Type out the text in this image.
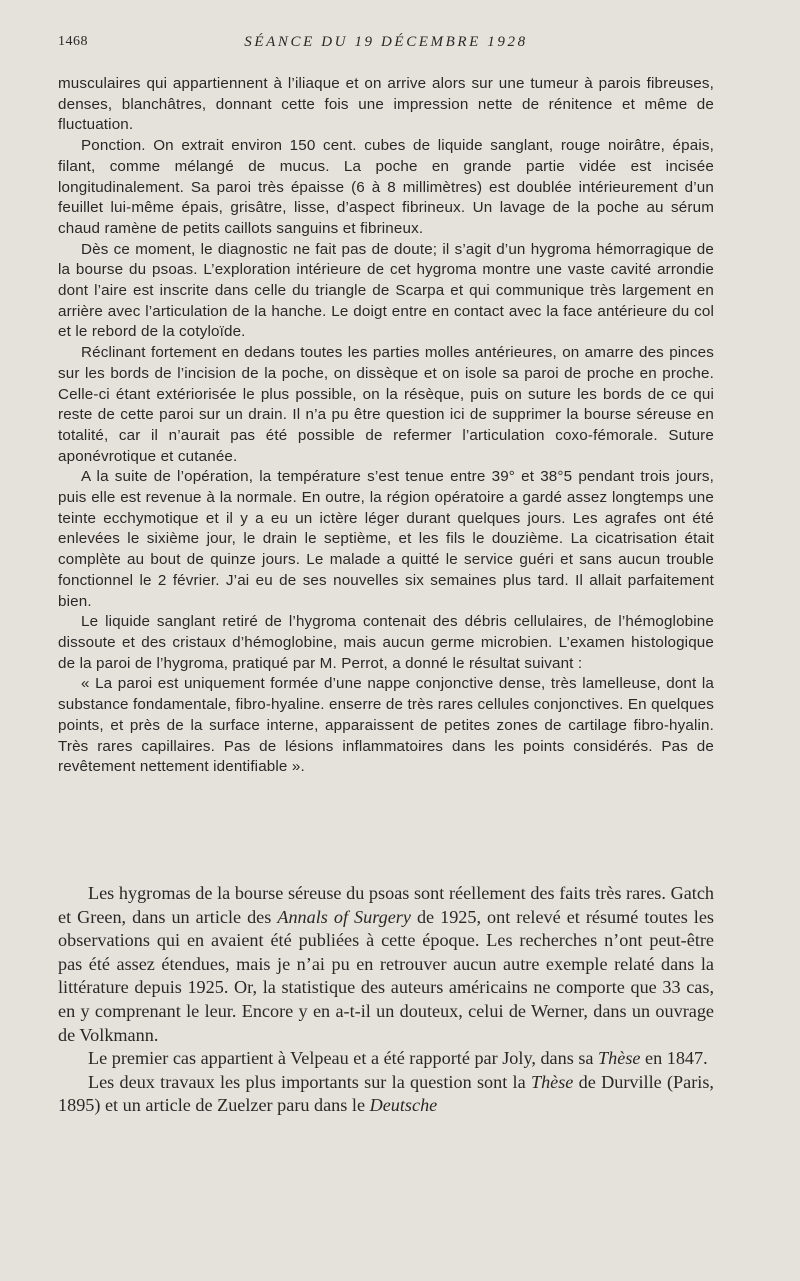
1468	SÉANCE DU 19 DÉCEMBRE 1928

musculaires qui appartiennent à l’iliaque et on arrive alors sur une tumeur à parois fibreuses, denses, blanchâtres, donnant cette fois une impression nette de rénitence et même de fluctuation.

Ponction. On extrait environ 150 cent. cubes de liquide sanglant, rouge noirâtre, épais, filant, comme mélangé de mucus. La poche en grande partie vidée est incisée longitudinalement. Sa paroi très épaisse (6 à 8 millimètres) est doublée intérieurement d’un feuillet lui-même épais, grisâtre, lisse, d’aspect fibrineux. Un lavage de la poche au sérum chaud ramène de petits caillots sanguins et fibrineux.

Dès ce moment, le diagnostic ne fait pas de doute; il s’agit d’un hygroma hémorragique de la bourse du psoas. L’exploration intérieure de cet hygroma montre une vaste cavité arrondie dont l’aire est inscrite dans celle du triangle de Scarpa et qui communique très largement en arrière avec l’articulation de la hanche. Le doigt entre en contact avec la face antérieure du col et le rebord de la cotyloïde.

Réclinant fortement en dedans toutes les parties molles antérieures, on amarre des pinces sur les bords de l’incision de la poche, on dissèque et on isole sa paroi de proche en proche. Celle-ci étant extériorisée le plus possible, on la résèque, puis on suture les bords de ce qui reste de cette paroi sur un drain. Il n’a pu être question ici de supprimer la bourse séreuse en totalité, car il n’aurait pas été possible de refermer l’articulation coxo-fémorale. Suture aponévrotique et cutanée.

A la suite de l’opération, la température s’est tenue entre 39° et 38°5 pendant trois jours, puis elle est revenue à la normale. En outre, la région opératoire a gardé assez longtemps une teinte ecchymotique et il y a eu un ictère léger durant quelques jours. Les agrafes ont été enlevées le sixième jour, le drain le septième, et les fils le douzième. La cicatrisation était complète au bout de quinze jours. Le malade a quitté le service guéri et sans aucun trouble fonctionnel le 2 février. J’ai eu de ses nouvelles six semaines plus tard. Il allait parfaitement bien.

Le liquide sanglant retiré de l’hygroma contenait des débris cellulaires, de l’hémoglobine dissoute et des cristaux d’hémoglobine, mais aucun germe microbien. L’examen histologique de la paroi de l’hygroma, pratiqué par M. Perrot, a donné le résultat suivant :

« La paroi est uniquement formée d’une nappe conjonctive dense, très lamelleuse, dont la substance fondamentale, fibro-hyaline. enserre de très rares cellules conjonctives. En quelques points, et près de la surface interne, apparaissent de petites zones de cartilage fibro-hyalin. Très rares capillaires. Pas de lésions inflammatoires dans les points considérés. Pas de revêtement nettement identifiable ».

Les hygromas de la bourse séreuse du psoas sont réellement des faits très rares. Gatch et Green, dans un article des Annals of Surgery de 1925, ont relevé et résumé toutes les observations qui en avaient été publiées à cette époque. Les recherches n’ont peut-être pas été assez étendues, mais je n’ai pu en retrouver aucun autre exemple relaté dans la littérature depuis 1925. Or, la statistique des auteurs américains ne comporte que 33 cas, en y comprenant le leur. Encore y en a-t-il un douteux, celui de Werner, dans un ouvrage de Volkmann.

Le premier cas appartient à Velpeau et a été rapporté par Joly, dans sa Thèse en 1847.

Les deux travaux les plus importants sur la question sont la Thèse de Durville (Paris, 1895) et un article de Zuelzer paru dans le Deutsche
